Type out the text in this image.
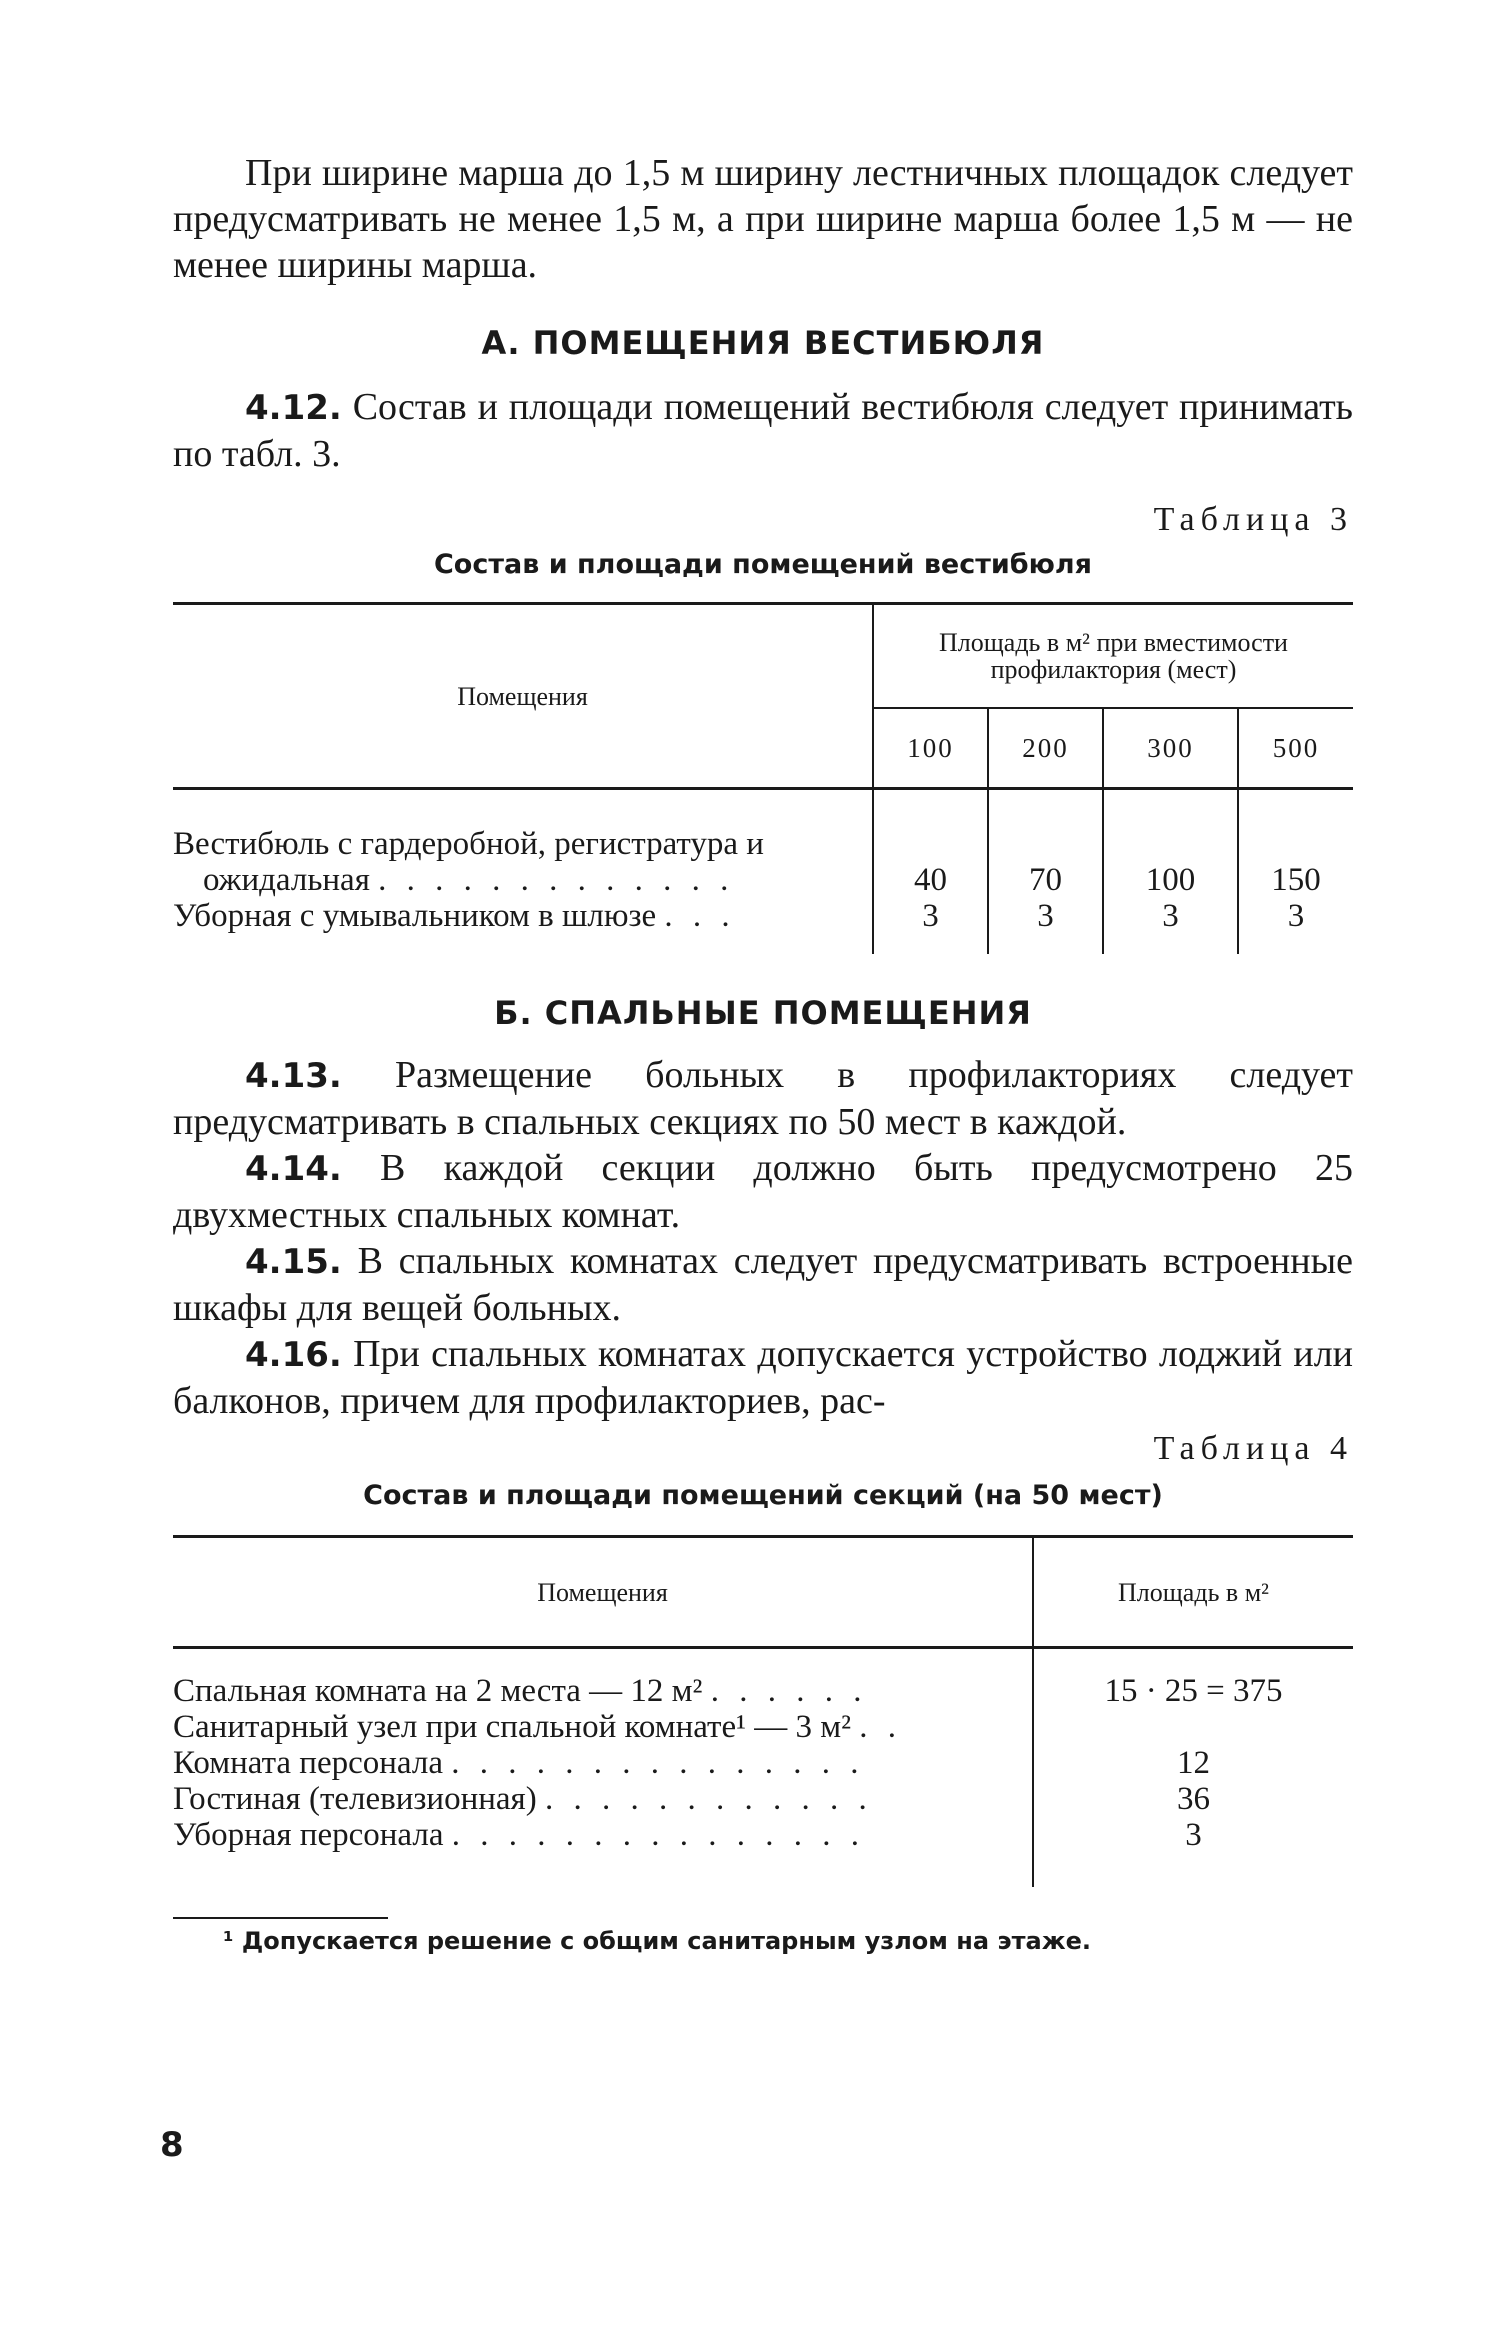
При ширине марша до 1,5 м ширину лестничных площадок следует предусматривать не менее 1,5 м, а при ширине марша более 1,5 м — не менее ширины марша.

А. ПОМЕЩЕНИЯ ВЕСТИБЮЛЯ

4.12. Состав и площади помещений вестибюля следует принимать по табл. 3.

Таблица 3

Состав и площади помещений вестибюля

Помещения	Площадь в м² при вместимости профилактория (мест)			
	100	200	300	500

Вестибюль с гардеробной, регистратура и
ожидальная . . . . . . . . . . . . .	40	70	100	150
Уборная с умывальником в шлюзе . . .	3	3	3	3

Б. СПАЛЬНЫЕ ПОМЕЩЕНИЯ

4.13. Размещение больных в профилакториях следует предусматривать в спальных секциях по 50 мест в каждой.

4.14. В каждой секции должно быть предусмотрено 25 двухместных спальных комнат.

4.15. В спальных комнатах следует предусматривать встроенные шкафы для вещей больных.

4.16. При спальных комнатах допускается устройство лоджий или балконов, причем для профилакториев, рас-

Таблица 4

Состав и площади помещений секций (на 50 мест)

Помещения	Площадь в м²
Спальная комната на 2 места — 12 м² . . . . . .	15 · 25 = 375
Санитарный узел при спальной комнате¹ — 3 м² . .	
Комната персонала . . . . . . . . . . . . . . .	12
Гостиная (телевизионная) . . . . . . . . . . . .	36
Уборная персонала . . . . . . . . . . . . . . .	3

¹ Допускается решение с общим санитарным узлом на этаже.

8
